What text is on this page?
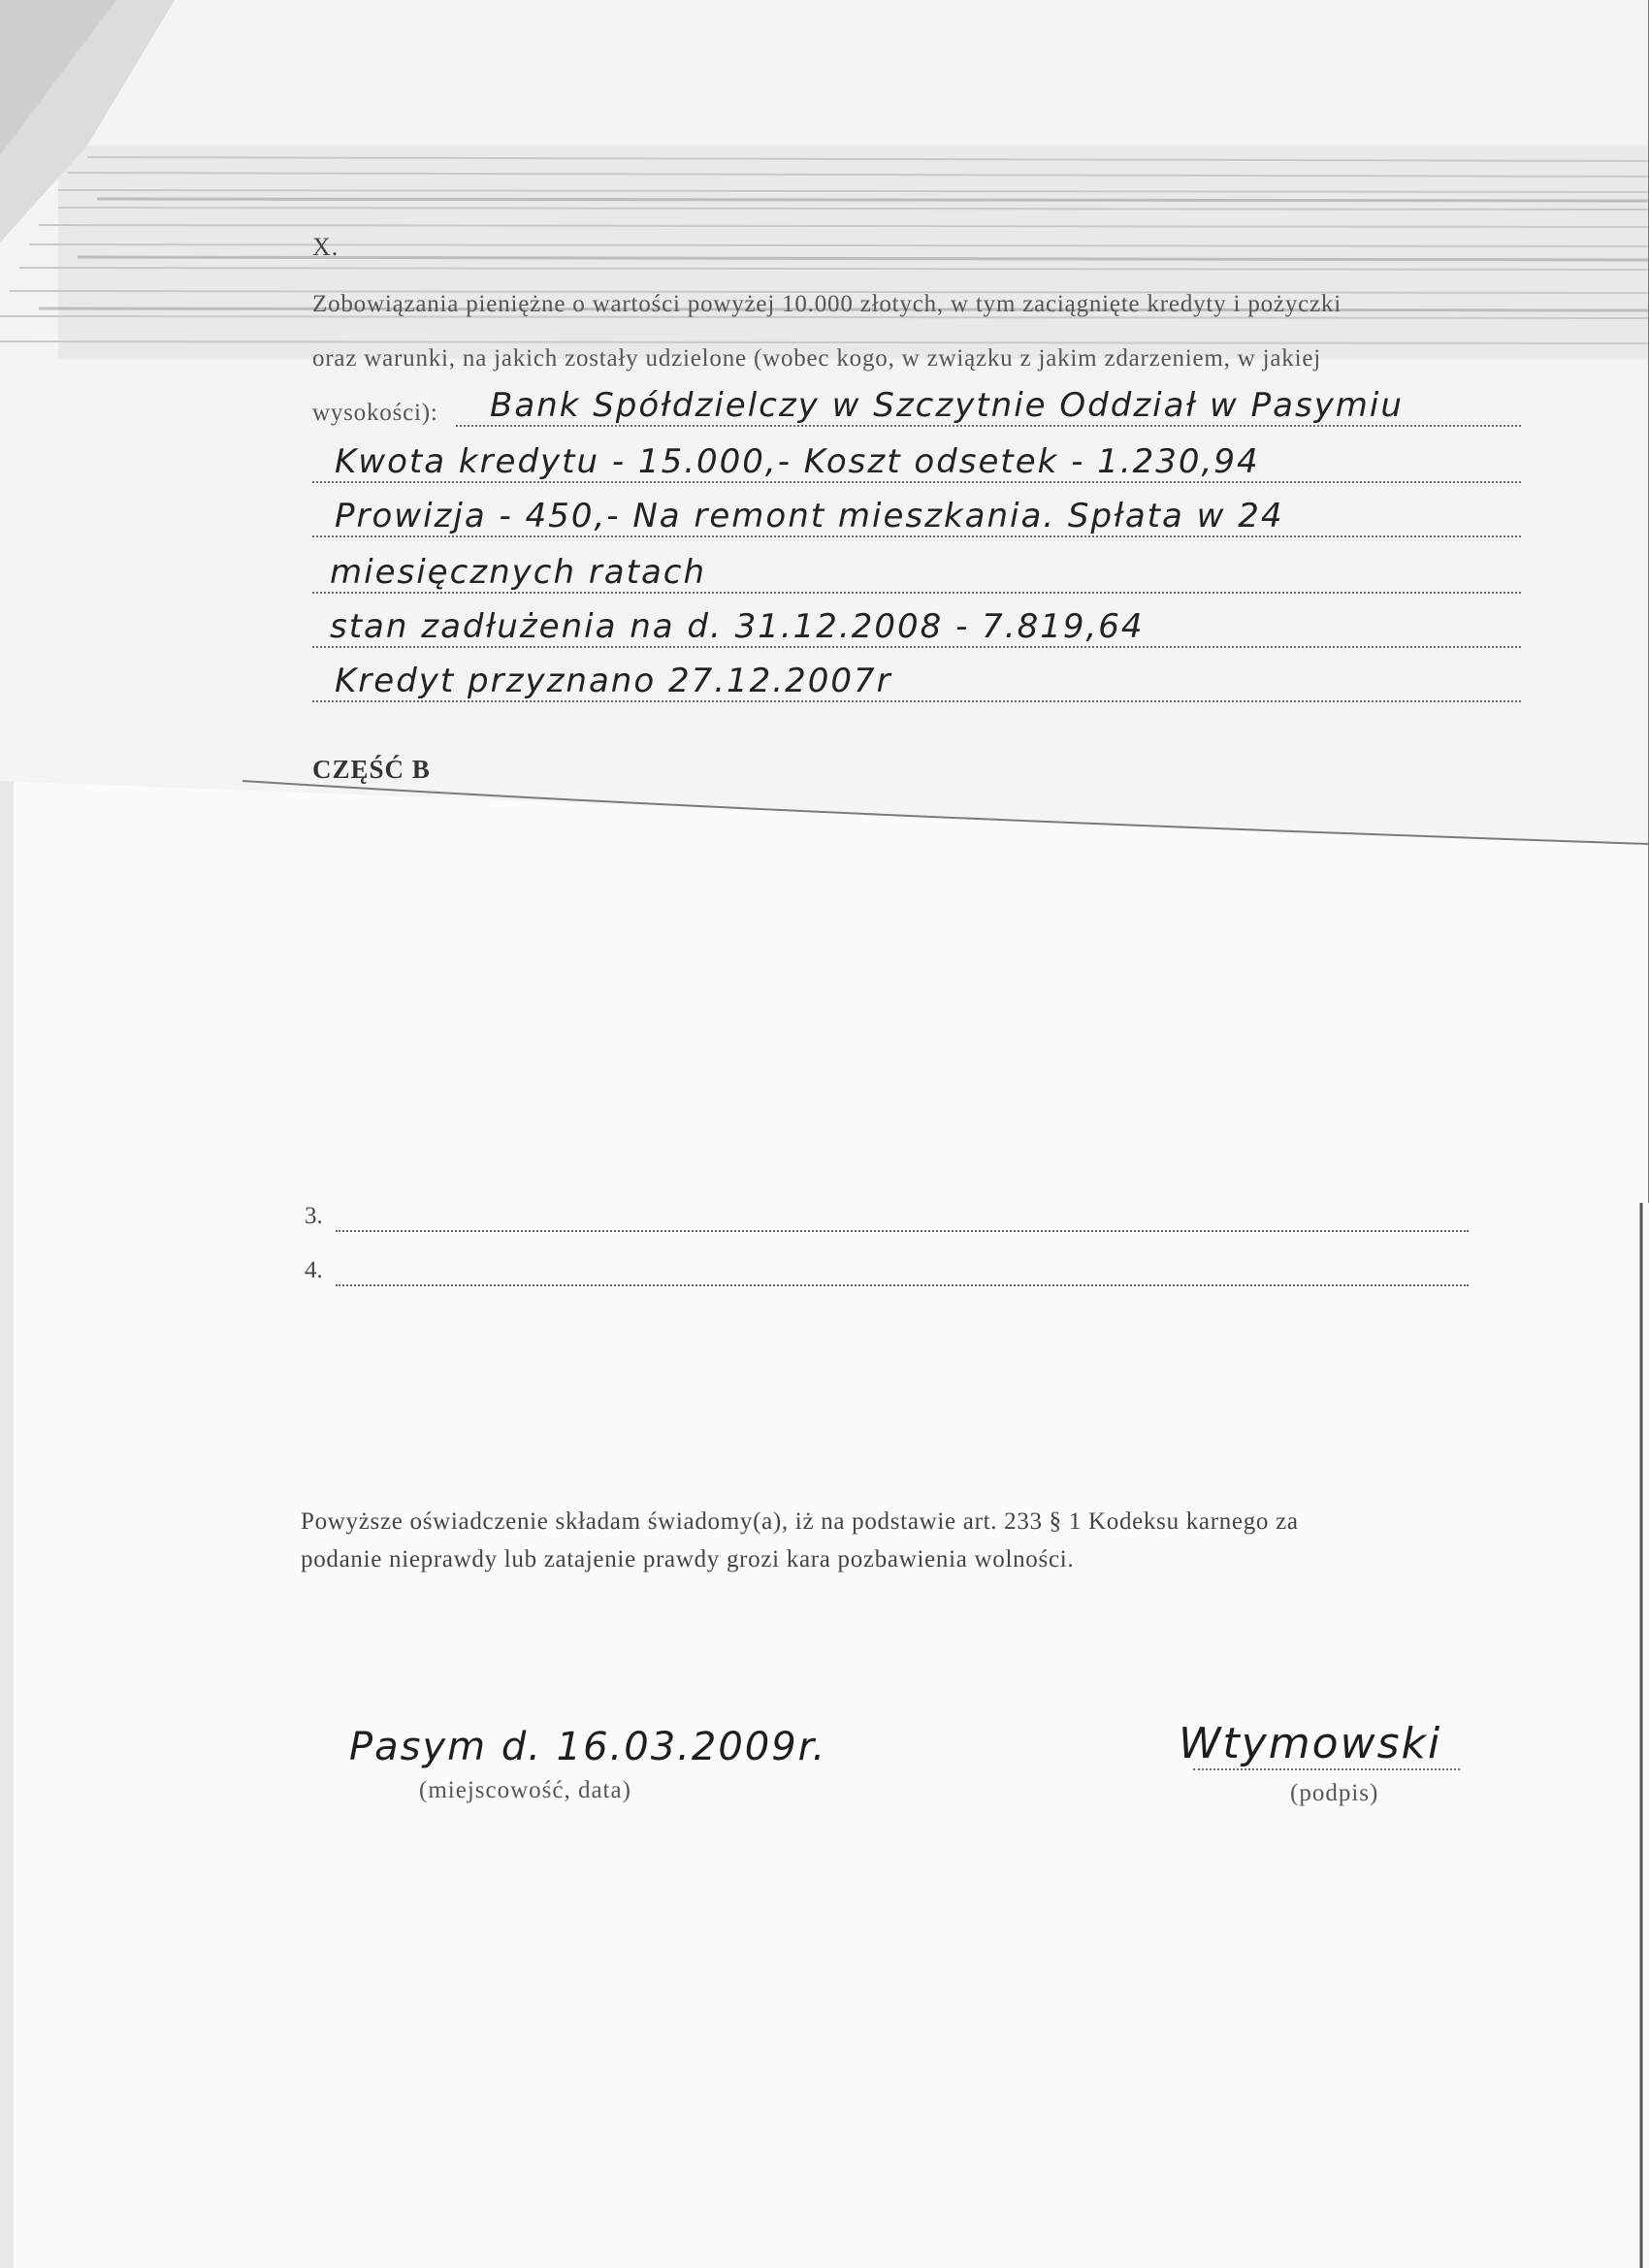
X.
Zobowiązania pieniężne o wartości powyżej 10.000 złotych, w tym zaciągnięte kredyty i pożyczki
oraz warunki, na jakich zostały udzielone (wobec kogo, w związku z jakim zdarzeniem, w jakiej
wysokości): Bank Spółdzielczy w Szczytnie Oddział w Pasymiu
Kwota kredytu - 15.000,- Koszt odsetek - 1.230,94
Prowizja - 450,- Na remont mieszkania. Spłata w 24
miesięcznych ratach
stan zadłużenia na d. 31.12.2008 - 7.819,64
Kredyt przyznano 27.12.2007r
CZĘŚĆ B
3.
4.
Powyższe oświadczenie składam świadomy(a), iż na podstawie art. 233 § 1 Kodeksu karnego za
podanie nieprawdy lub zatajenie prawdy grozi kara pozbawienia wolności.
Pasym d. 16.03.2009r.
(miejscowość, data)
Wtymowski
(podpis)
